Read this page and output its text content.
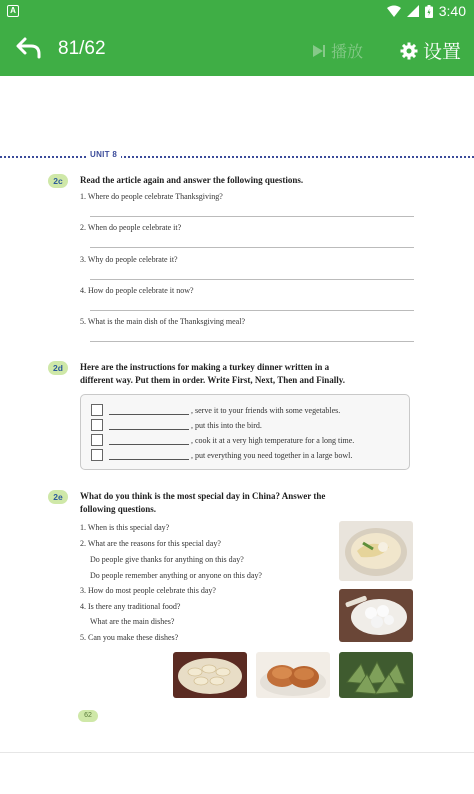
A	3:40
81/62	播放	设置
UNIT 8
2c	Read the article again and answer the following questions.
1. Where do people celebrate Thanksgiving?
2. When do people celebrate it?
3. Why do people celebrate it?
4. How do people celebrate it now?
5. What is the main dish of the Thanksgiving meal?
2d	Here are the instructions for making a turkey dinner written in a
different way. Put them in order. Write First, Next, Then and Finally.
, serve it to your friends with some vegetables.
, put this into the bird.
, cook it at a very high temperature for a long time.
, put everything you need together in a large bowl.
2e	What do you think is the most special day in China? Answer the
following questions.
1. When is this special day?
2. What are the reasons for this special day?
Do people give thanks for anything on this day?
Do people remember anything or anyone on this day?
3. How do most people celebrate this day?
4. Is there any traditional food?
What are the main dishes?
5. Can you make these dishes?
62
